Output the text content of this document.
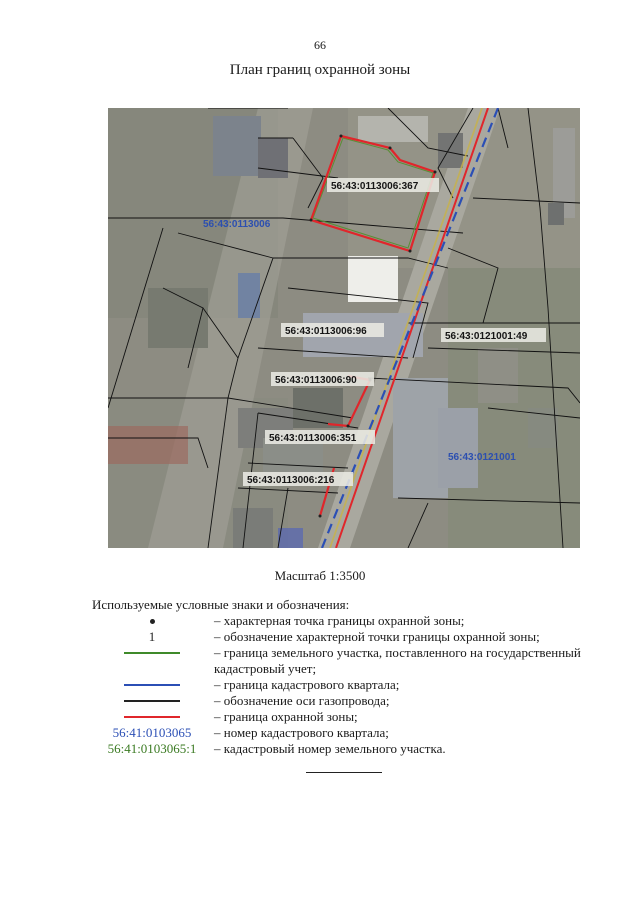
66
План границ охранной зоны
56:43:0113006
56:43:0121001
56:43:0113006:367
56:43:0113006:96	56:43:0121001:49
56:43:0113006:90
56:43:0113006:351
56:43:0113006:216
Масштаб 1:3500
Используемые условные знаки и обозначения:
– характерная точка границы охранной зоны;
1	– обозначение характерной точки границы охранной зоны;
– граница земельного участка, поставленного на государственный кадастровый учет;
– граница кадастрового квартала;
– обозначение оси газопровода;
– граница охранной зоны;
56:41:0103065 – номер кадастрового квартала;
56:41:0103065:1 – кадастровый номер земельного участка.
